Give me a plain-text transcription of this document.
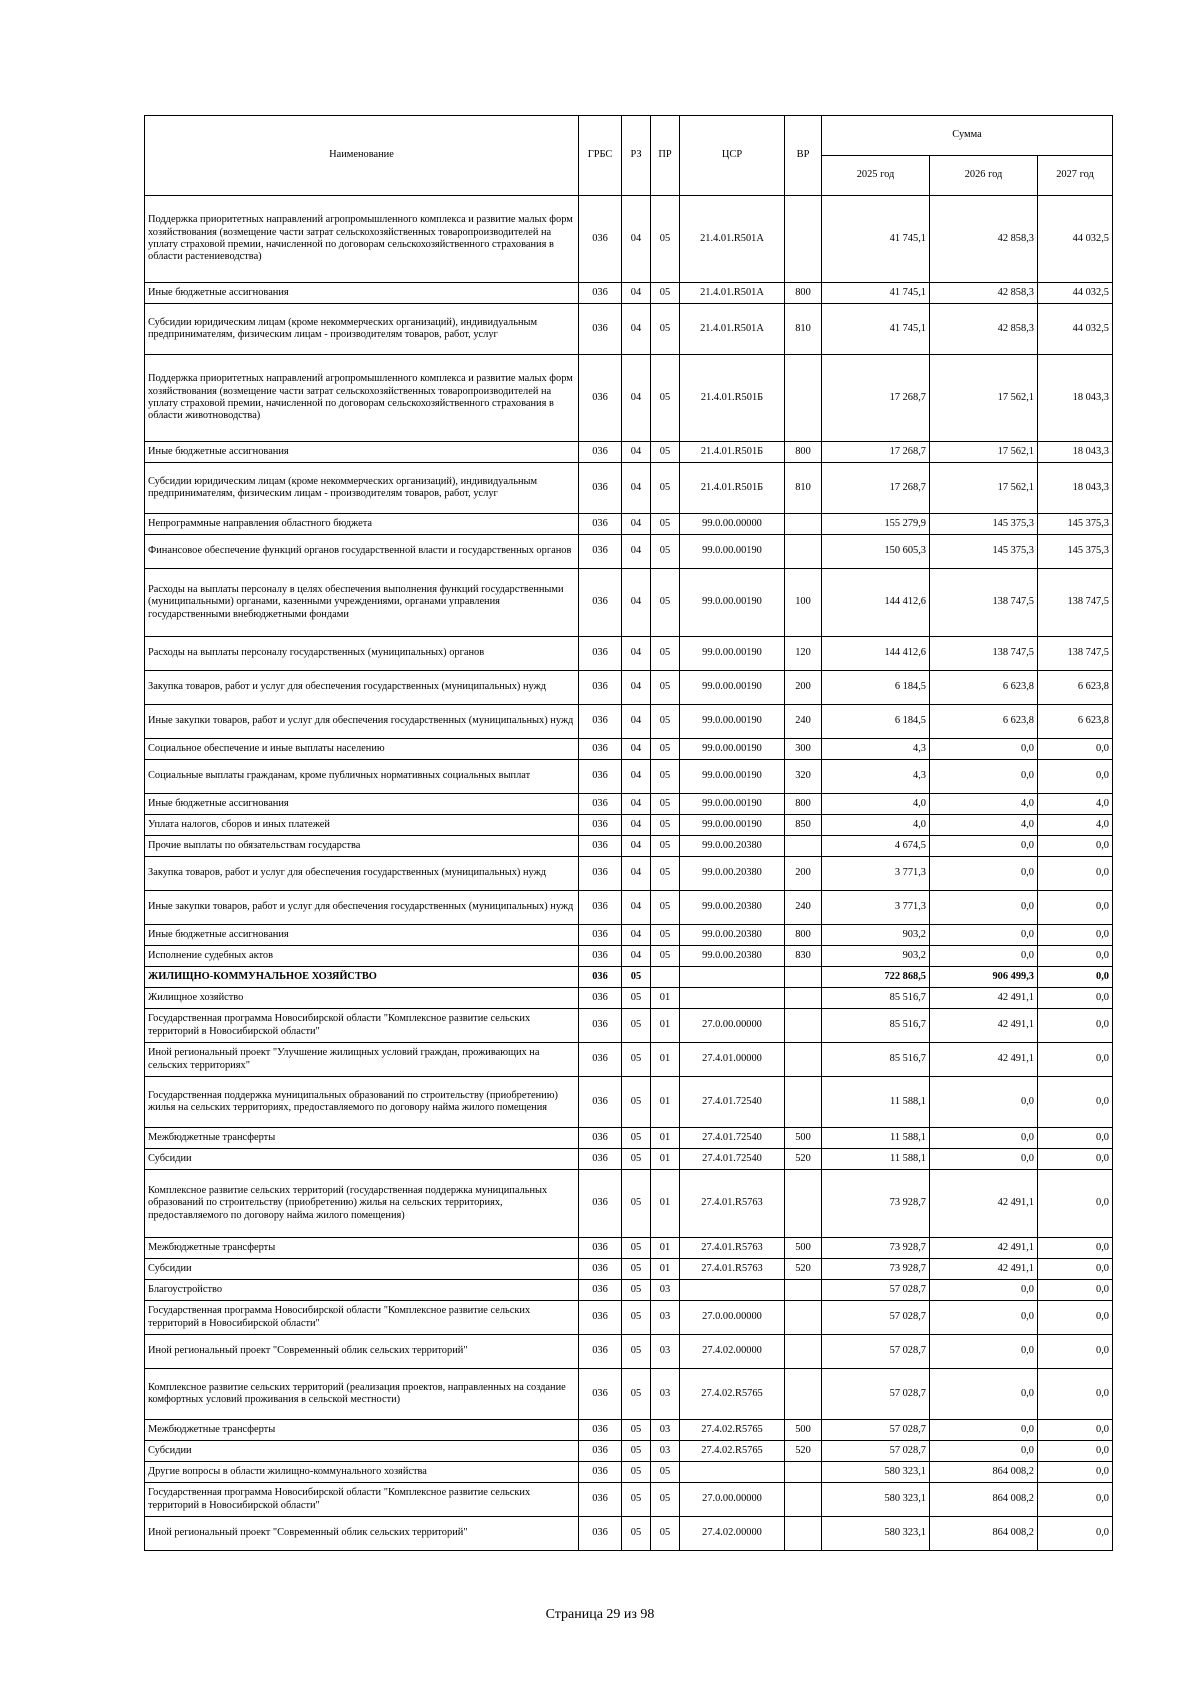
Наименование	ГРБС	РЗ	ПР	ЦСР	ВР	Сумма		
						2025 год	2026 год	2027 год
Поддержка приоритетных направлений агропромышленного комплекса и развитие малых форм хозяйствования (возмещение части затрат сельскохозяйственных товаропроизводителей на уплату страховой премии, начисленной по договорам сельскохозяйственного страхования в области растениеводства)	036	04	05	21.4.01.R501А		41 745,1	42 858,3	44 032,5
Иные бюджетные ассигнования	036	04	05	21.4.01.R501А	800	41 745,1	42 858,3	44 032,5
Субсидии юридическим лицам (кроме некоммерческих организаций), индивидуальным предпринимателям, физическим лицам - производителям товаров, работ, услуг	036	04	05	21.4.01.R501А	810	41 745,1	42 858,3	44 032,5
Поддержка приоритетных направлений агропромышленного комплекса и развитие малых форм хозяйствования (возмещение части затрат сельскохозяйственных товаропроизводителей на уплату страховой премии, начисленной по договорам сельскохозяйственного страхования в области животноводства)	036	04	05	21.4.01.R501Б		17 268,7	17 562,1	18 043,3
Иные бюджетные ассигнования	036	04	05	21.4.01.R501Б	800	17 268,7	17 562,1	18 043,3
Субсидии юридическим лицам (кроме некоммерческих организаций), индивидуальным предпринимателям, физическим лицам - производителям товаров, работ, услуг	036	04	05	21.4.01.R501Б	810	17 268,7	17 562,1	18 043,3
Непрограммные направления областного бюджета	036	04	05	99.0.00.00000		155 279,9	145 375,3	145 375,3
Финансовое обеспечение функций органов государственной власти и государственных органов	036	04	05	99.0.00.00190		150 605,3	145 375,3	145 375,3
Расходы на выплаты персоналу в целях обеспечения выполнения функций государственными (муниципальными) органами, казенными учреждениями, органами управления государственными внебюджетными фондами	036	04	05	99.0.00.00190	100	144 412,6	138 747,5	138 747,5
Расходы на выплаты персоналу государственных (муниципальных) органов	036	04	05	99.0.00.00190	120	144 412,6	138 747,5	138 747,5
Закупка товаров, работ и услуг для обеспечения государственных (муниципальных) нужд	036	04	05	99.0.00.00190	200	6 184,5	6 623,8	6 623,8
Иные закупки товаров, работ и услуг для обеспечения государственных (муниципальных) нужд	036	04	05	99.0.00.00190	240	6 184,5	6 623,8	6 623,8
Социальное обеспечение и иные выплаты населению	036	04	05	99.0.00.00190	300	4,3	0,0	0,0
Социальные выплаты гражданам, кроме публичных нормативных социальных выплат	036	04	05	99.0.00.00190	320	4,3	0,0	0,0
Иные бюджетные ассигнования	036	04	05	99.0.00.00190	800	4,0	4,0	4,0
Уплата налогов, сборов и иных платежей	036	04	05	99.0.00.00190	850	4,0	4,0	4,0
Прочие выплаты по обязательствам государства	036	04	05	99.0.00.20380		4 674,5	0,0	0,0
Закупка товаров, работ и услуг для обеспечения государственных (муниципальных) нужд	036	04	05	99.0.00.20380	200	3 771,3	0,0	0,0
Иные закупки товаров, работ и услуг для обеспечения государственных (муниципальных) нужд	036	04	05	99.0.00.20380	240	3 771,3	0,0	0,0
Иные бюджетные ассигнования	036	04	05	99.0.00.20380	800	903,2	0,0	0,0
Исполнение судебных актов	036	04	05	99.0.00.20380	830	903,2	0,0	0,0
ЖИЛИЩНО-КОММУНАЛЬНОЕ ХОЗЯЙСТВО	036	05				722 868,5	906 499,3	0,0
Жилищное хозяйство	036	05	01			85 516,7	42 491,1	0,0
Государственная программа Новосибирской области "Комплексное развитие сельских территорий в Новосибирской области"	036	05	01	27.0.00.00000		85 516,7	42 491,1	0,0
Иной региональный проект "Улучшение жилищных условий граждан, проживающих на сельских территориях"	036	05	01	27.4.01.00000		85 516,7	42 491,1	0,0
Государственная поддержка муниципальных образований по строительству (приобретению) жилья на сельских территориях, предоставляемого по договору найма жилого помещения	036	05	01	27.4.01.72540		11 588,1	0,0	0,0
Межбюджетные трансферты	036	05	01	27.4.01.72540	500	11 588,1	0,0	0,0
Субсидии	036	05	01	27.4.01.72540	520	11 588,1	0,0	0,0
Комплексное развитие сельских территорий (государственная поддержка муниципальных образований по строительству (приобретению) жилья на сельских территориях, предоставляемого по договору найма жилого помещения)	036	05	01	27.4.01.R5763		73 928,7	42 491,1	0,0
Межбюджетные трансферты	036	05	01	27.4.01.R5763	500	73 928,7	42 491,1	0,0
Субсидии	036	05	01	27.4.01.R5763	520	73 928,7	42 491,1	0,0
Благоустройство	036	05	03			57 028,7	0,0	0,0
Государственная программа Новосибирской области "Комплексное развитие сельских территорий в Новосибирской области"	036	05	03	27.0.00.00000		57 028,7	0,0	0,0
Иной региональный проект "Современный облик сельских территорий"	036	05	03	27.4.02.00000		57 028,7	0,0	0,0
Комплексное развитие сельских территорий (реализация проектов, направленных на создание комфортных условий проживания в сельской местности)	036	05	03	27.4.02.R5765		57 028,7	0,0	0,0
Межбюджетные трансферты	036	05	03	27.4.02.R5765	500	57 028,7	0,0	0,0
Субсидии	036	05	03	27.4.02.R5765	520	57 028,7	0,0	0,0
Другие вопросы в области жилищно-коммунального хозяйства	036	05	05			580 323,1	864 008,2	0,0
Государственная программа Новосибирской области "Комплексное развитие сельских территорий в Новосибирской области"	036	05	05	27.0.00.00000		580 323,1	864 008,2	0,0
Иной региональный проект "Современный облик сельских территорий"	036	05	05	27.4.02.00000		580 323,1	864 008,2	0,0
Страница 29 из 98
